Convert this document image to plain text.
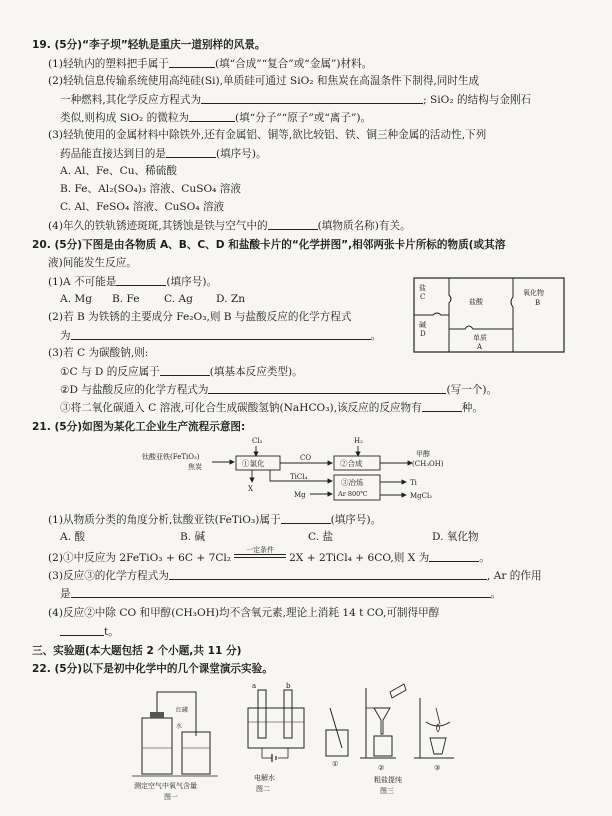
19. (5分)“李子坝”轻轨是重庆一道别样的风景。
(1)轻轨内的塑料把手属于	(填“合成”“复合”或“金属”)材料。
(2)轻轨信息传输系统使用高纯硅(Si),单质硅可通过 SiO₂ 和焦炭在高温条件下制得,同时生成
一种燃料,其化学反应方程式为	; SiO₂ 的结构与金刚石
类似,则构成 SiO₂ 的微粒为	(填“分子”“原子”或“离子”)。
(3)轻轨使用的金属材料中除铁外,还有金属铝、铜等,欲比较铝、铁、铜三种金属的活动性,下列
药品能直接达到目的是	(填序号)。
A. Al、Fe、Cu、稀硫酸
B. Fe、Al₂(SO₄)₃ 溶液、CuSO₄ 溶液
C. Al、FeSO₄ 溶液、CuSO₄ 溶液
(4)年久的铁轨锈迹斑斑,其锈蚀是铁与空气中的	(填物质名称)有关。
20. (5分)下图是由各物质 A、B、C、D 和盐酸卡片的“化学拼图”,相邻两张卡片所标的物质(或其溶
液)间能发生反应。
(1)A 不可能是	(填序号)。
A. Mg B. Fe C. Ag D. Zn
(2)若 B 为铁锈的主要成分 Fe₂O₃,则 B 与盐酸反应的化学方程式
为	。
盐
C
碱
D
盐酸
氧化物
B
单质
A
(3)若 C 为碳酸钠,则:
①C 与 D 的反应属于	(填基本反应类型)。
②D 与盐酸反应的化学方程式为	(写一个)。
③将二氧化碳通入 C 溶液,可化合生成碳酸氢钠(NaHCO₃),该反应的反应物有	种。
21. (5分)如图为某化工企业生产流程示意图:
Cl₂
钛酸亚铁(FeTiO₃)
焦炭	①氯化
CO
H₂
②合成
甲醇
(CH₃OH)
X
TiCl₄
Mg
③冶炼
Ar 800℃
Ti
MgCl₂
(1)从物质分类的角度分析,钛酸亚铁(FeTiO₃)属于	(填序号)。
A. 酸	B. 碱	C. 盐	D. 氧化物
(2)①中反应为 2FeTiO₃ + 6C + 7Cl₂
一定条件
2X + 2TiCl₄ + 6CO,则 X 为	。
(3)反应③的化学方程式为	, Ar 的作用
是	。
(4)反应②中除 CO 和甲醇(CH₃OH)均不含氧元素,理论上消耗 14 t CO,可制得甲醇
t。
三、实验题(本大题包括 2 个小题,共 11 分)
22. (5分)以下是初中化学中的几个课堂演示实验。
红磷
水
测定空气中氧气含量
图一
a	b
电解水
图二
①	②	③
粗盐提纯
图三
